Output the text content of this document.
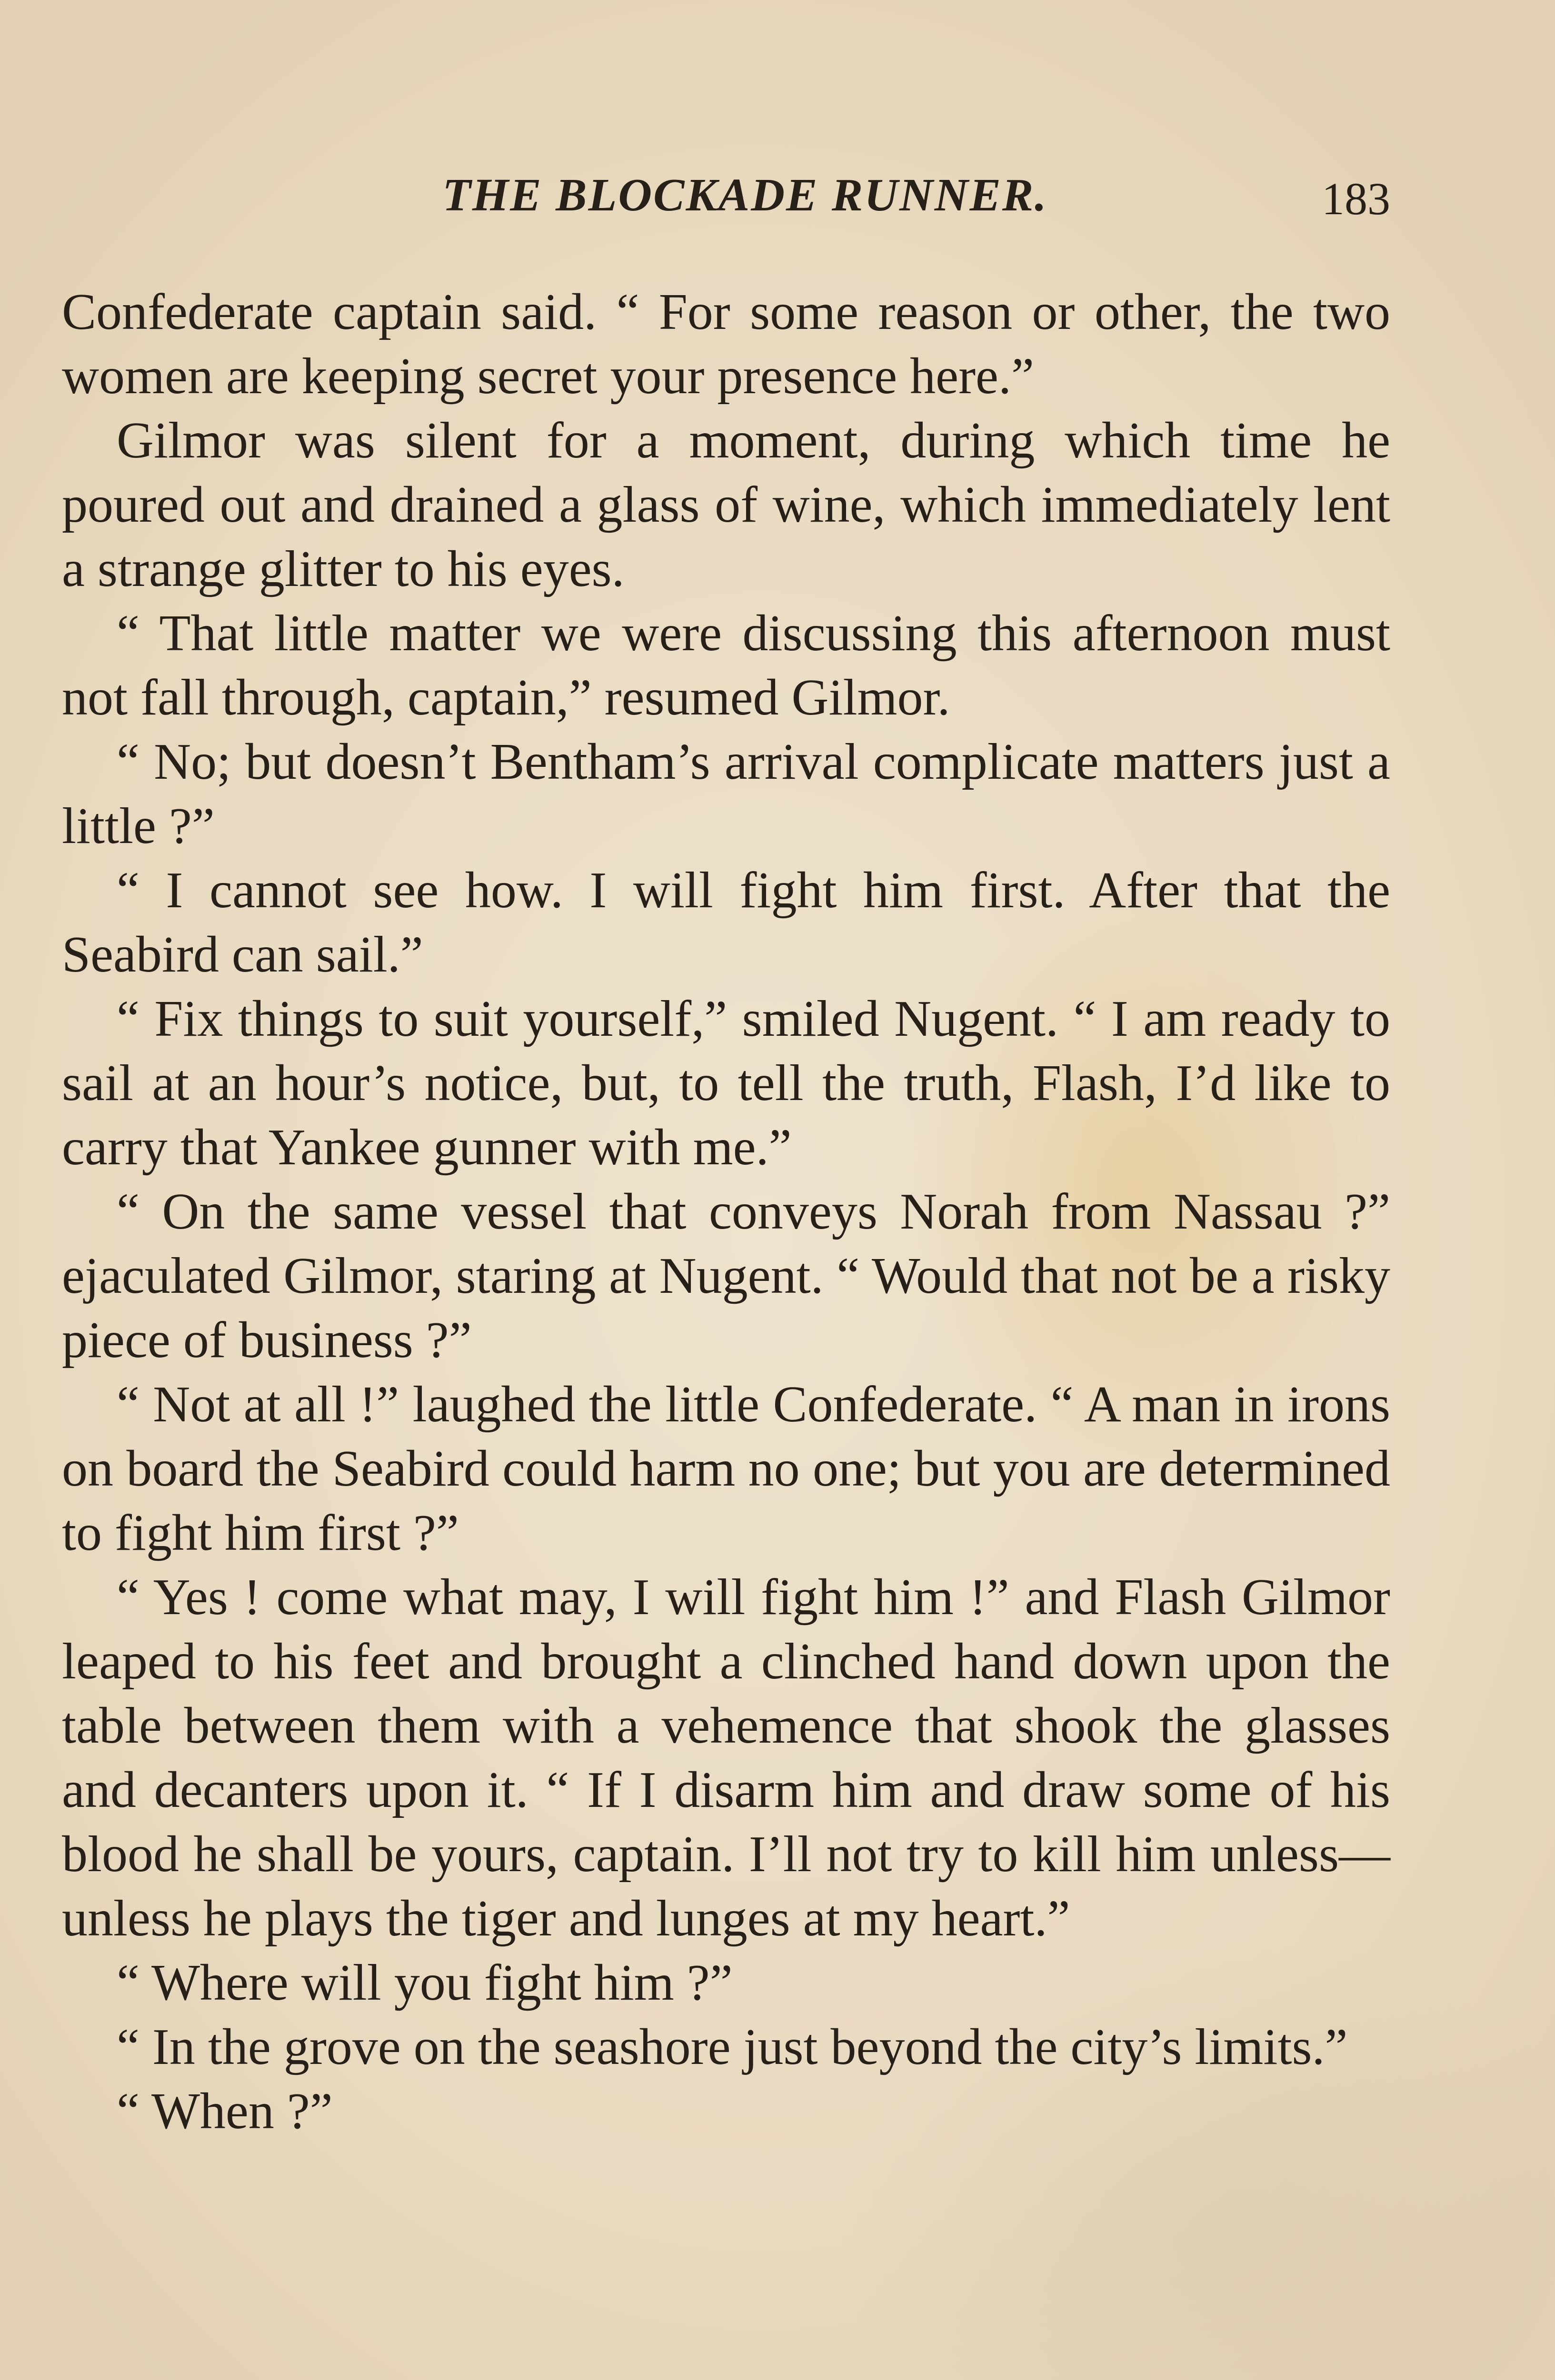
THE BLOCKADE RUNNER.	183

Confederate captain said. “ For some reason or other, the two women are keeping secret your presence here.”

Gilmor was silent for a moment, during which time he poured out and drained a glass of wine, which immediately lent a strange glitter to his eyes.

“ That little matter we were discussing this afternoon must not fall through, captain,” resumed Gilmor.

“ No; but doesn’t Bentham’s arrival complicate matters just a little ?”

“ I cannot see how. I will fight him first. After that the Seabird can sail.”

“ Fix things to suit yourself,” smiled Nugent. “ I am ready to sail at an hour’s notice, but, to tell the truth, Flash, I’d like to carry that Yankee gunner with me.”

“ On the same vessel that conveys Norah from Nassau ?” ejaculated Gilmor, staring at Nugent. “ Would that not be a risky piece of business ?”

“ Not at all !” laughed the little Confederate. “ A man in irons on board the Seabird could harm no one; but you are determined to fight him first ?”

“ Yes ! come what may, I will fight him !” and Flash Gilmor leaped to his feet and brought a clinched hand down upon the table between them with a vehemence that shook the glasses and decanters upon it. “ If I disarm him and draw some of his blood he shall be yours, captain. I’ll not try to kill him unless—unless he plays the tiger and lunges at my heart.”

“ Where will you fight him ?”

“ In the grove on the seashore just beyond the city’s limits.”

“ When ?”
